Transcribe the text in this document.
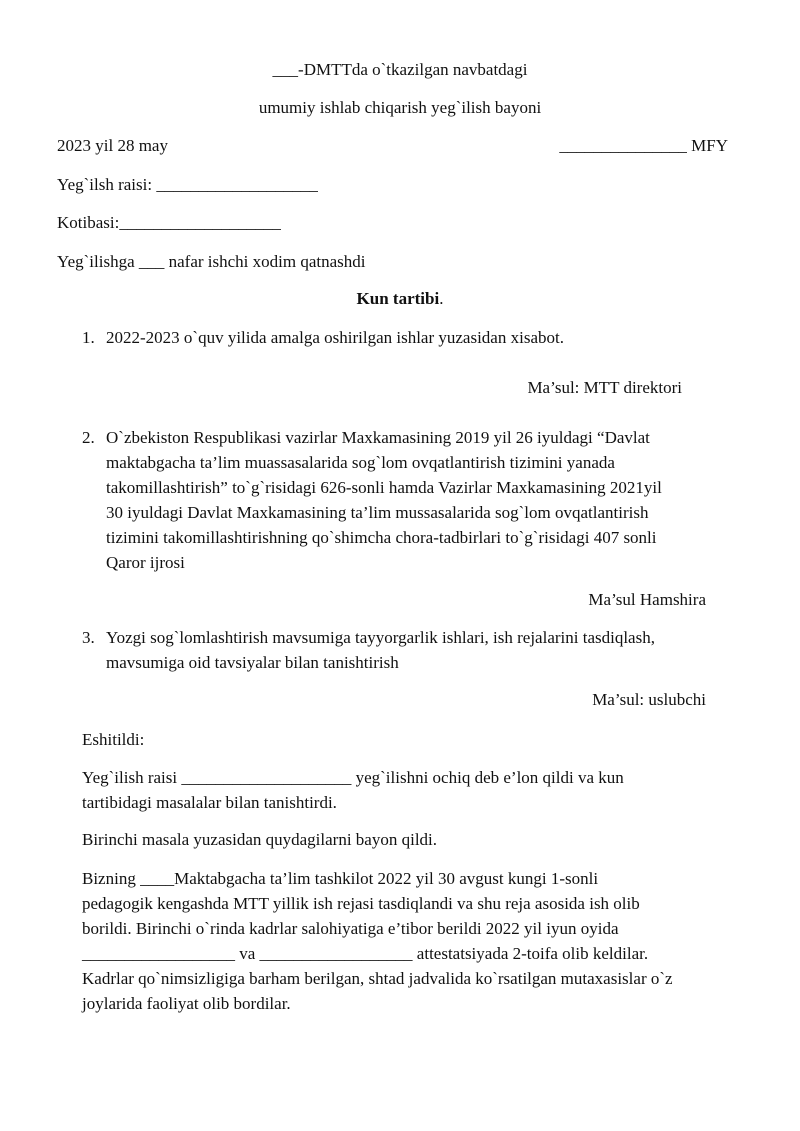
___-DMTTda o`tkazilgan navbatdagi
umumiy ishlab chiqarish yeg`ilish bayoni
2023 yil 28 may	_______________ MFY
Yeg`ilsh raisi: ___________________
Kotibasi:___________________
Yeg`ilishga ___ nafar ishchi xodim qatnashdi
Kun tartibi.
1. 2022-2023 o`quv yilida amalga oshirilgan ishlar yuzasidan xisabot.
Ma’sul: MTT direktori
2. O`zbekiston Respublikasi vazirlar Maxkamasining 2019 yil 26 iyuldagi “Davlat
maktabgacha ta’lim muassasalarida sog`lom ovqatlantirish tizimini yanada
takomillashtirish” to`g`risidagi 626-sonli hamda Vazirlar Maxkamasining 2021yil
30 iyuldagi Davlat Maxkamasining ta’lim mussasalarida sog`lom ovqatlantirish
tizimini takomillashtirishning qo`shimcha chora-tadbirlari to`g`risidagi 407 sonli
Qaror ijrosi
Ma’sul Hamshira
3. Yozgi sog`lomlashtirish mavsumiga tayyorgarlik ishlari, ish rejalarini tasdiqlash,
mavsumiga oid tavsiyalar bilan tanishtirish
Ma’sul: uslubchi
Eshitildi:
Yeg`ilish raisi ____________________ yeg`ilishni ochiq deb e’lon qildi va kun
tartibidagi masalalar bilan tanishtirdi.
Birinchi masala yuzasidan quydagilarni bayon qildi.
Bizning ____Maktabgacha ta’lim tashkilot 2022 yil 30 avgust kungi 1-sonli
pedagogik kengashda MTT yillik ish rejasi tasdiqlandi va shu reja asosida ish olib
borildi. Birinchi o`rinda kadrlar salohiyatiga e’tibor berildi 2022 yil iyun oyida
__________________ va __________________ attestatsiyada 2-toifa olib keldilar.
Kadrlar qo`nimsizligiga barham berilgan, shtad jadvalida ko`rsatilgan mutaxasislar o`z
joylarida faoliyat olib bordilar.
